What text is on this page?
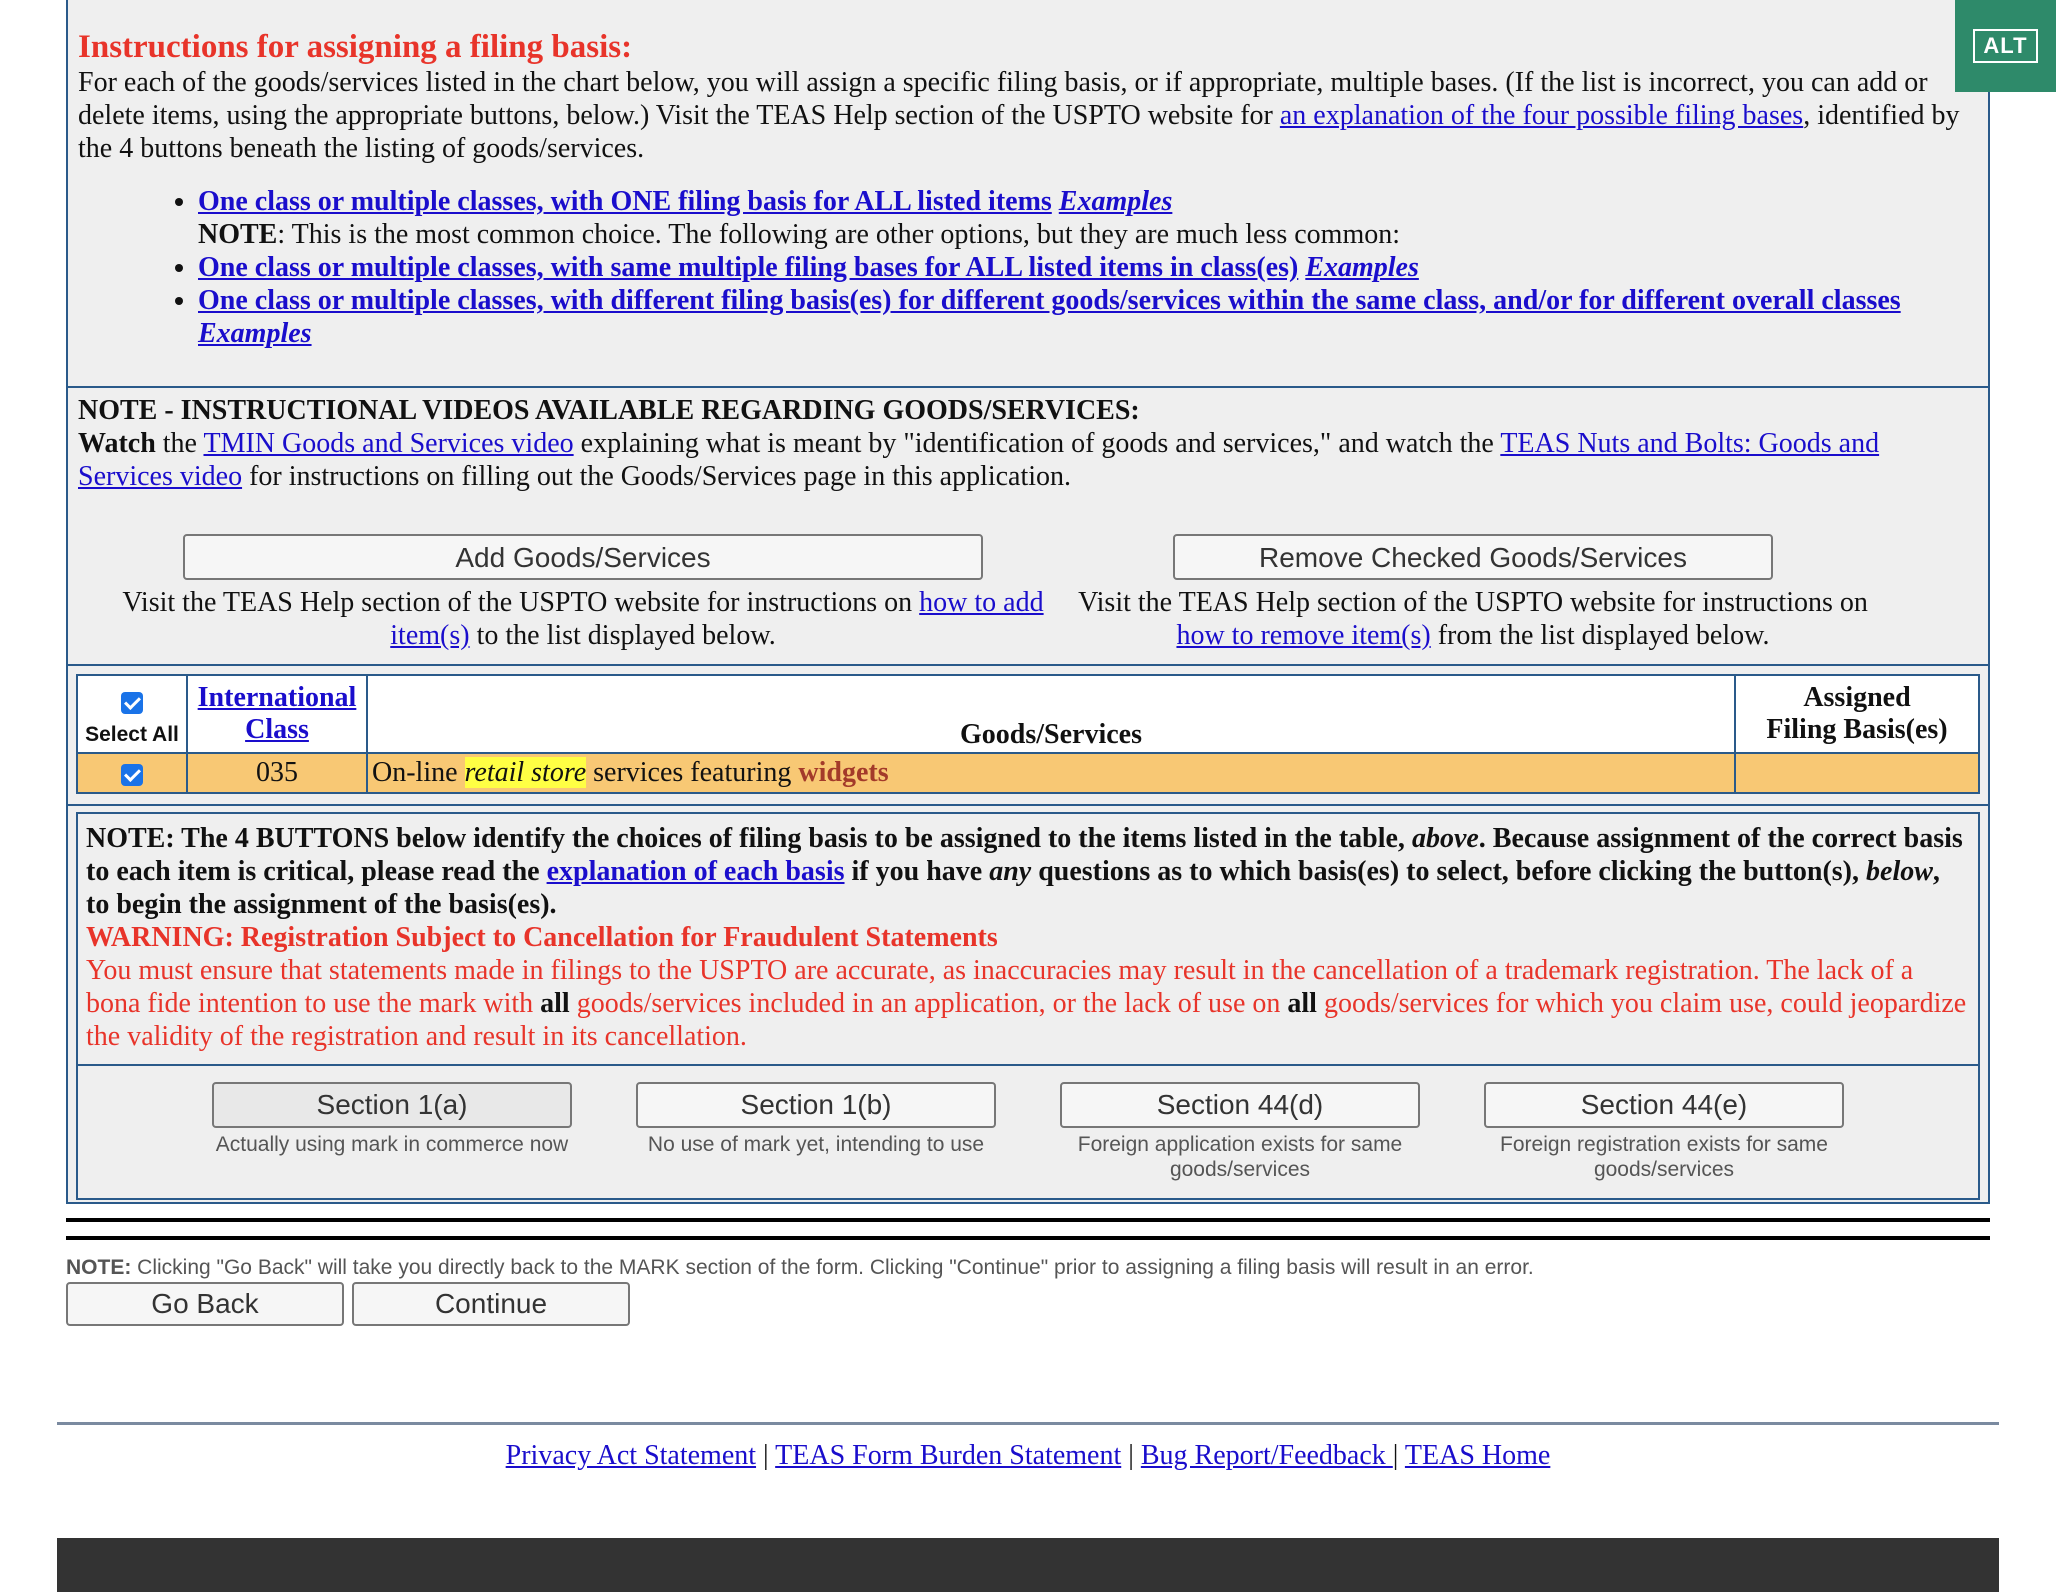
Instructions for assigning a filing basis:

For each of the goods/services listed in the chart below, you will assign a specific filing basis, or if appropriate, multiple bases. (If the list is incorrect, you can add or delete items, using the appropriate buttons, below.) Visit the TEAS Help section of the USPTO website for an explanation of the four possible filing bases, identified by the 4 buttons beneath the listing of goods/services.

• One class or multiple classes, with ONE filing basis for ALL listed items Examples
NOTE: This is the most common choice. The following are other options, but they are much less common:
• One class or multiple classes, with same multiple filing bases for ALL listed items in class(es) Examples
• One class or multiple classes, with different filing basis(es) for different goods/services within the same class, and/or for different overall classes Examples

NOTE - INSTRUCTIONAL VIDEOS AVAILABLE REGARDING GOODS/SERVICES:

Watch the TMIN Goods and Services video explaining what is meant by "identification of goods and services," and watch the TEAS Nuts and Bolts: Goods and Services video for instructions on filling out the Goods/Services page in this application.

Add Goods/Services
Visit the TEAS Help section of the USPTO website for instructions on how to add item(s) to the list displayed below.
Remove Checked Goods/Services
Visit the TEAS Help section of the USPTO website for instructions on how to remove item(s) from the list displayed below.
Select All	International Class	Goods/Services	Assigned
Filing Basis(es)

	035	On-line retail store services featuring widgets	

NOTE: The 4 BUTTONS below identify the choices of filing basis to be assigned to the items listed in the table, above. Because assignment of the correct basis to each item is critical, please read the explanation of each basis if you have any questions as to which basis(es) to select, before clicking the button(s), below, to begin the assignment of the basis(es).

WARNING: Registration Subject to Cancellation for Fraudulent Statements

You must ensure that statements made in filings to the USPTO are accurate, as inaccuracies may result in the cancellation of a trademark registration. The lack of a bona fide intention to use the mark with all goods/services included in an application, or the lack of use on all goods/services for which you claim use, could jeopardize the validity of the registration and result in its cancellation.

Section 1(a)
Actually using mark in commerce now
Section 1(b)
No use of mark yet, intending to use
Section 44(d)
Foreign application exists for same goods/services
Section 44(e)
Foreign registration exists for same goods/services
NOTE: Clicking "Go Back" will take you directly back to the MARK section of the form. Clicking "Continue" prior to assigning a filing basis will result in an error.
Go Back	Continue
Privacy Act Statement | TEAS Form Burden Statement | Bug Report/Feedback | TEAS Home
ALT
